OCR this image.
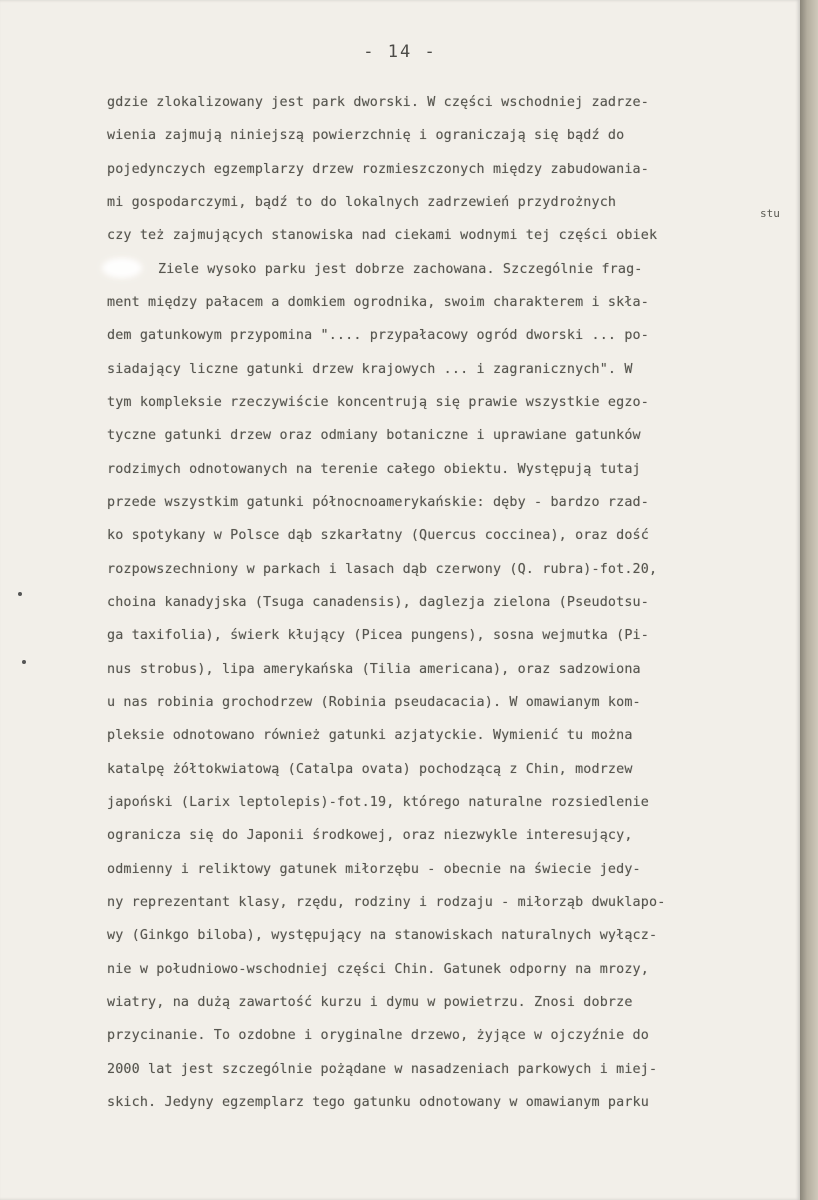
- 14 -
gdzie zlokalizowany jest park dworski. W części wschodniej zadrze-
wienia zajmują niniejszą powierzchnię i ograniczają się bądź do
pojedynczych egzemplarzy drzew rozmieszczonych między zabudowania-
mi gospodarczymi, bądź to do lokalnych zadrzewień przydrożnych
czy też zajmujących stanowiska nad ciekami wodnymi tej części obiek
Ziele wysoko parku jest dobrze zachowana. Szczególnie frag-
ment między pałacem a domkiem ogrodnika, swoim charakterem i skła-
dem gatunkowym przypomina ".... przypałacowy ogród dworski ... po-
siadający liczne gatunki drzew krajowych ... i zagranicznych". W
tym kompleksie rzeczywiście koncentrują się prawie wszystkie egzo-
tyczne gatunki drzew oraz odmiany botaniczne i uprawiane gatunków
rodzimych odnotowanych na terenie całego obiektu. Występują tutaj
przede wszystkim gatunki północnoamerykańskie: dęby - bardzo rzad-
ko spotykany w Polsce dąb szkarłatny (Quercus coccinea), oraz dość
rozpowszechniony w parkach i lasach dąb czerwony (Q. rubra)-fot.20,
choina kanadyjska (Tsuga canadensis), daglezja zielona (Pseudotsu-
ga taxifolia), świerk kłujący (Picea pungens), sosna wejmutka (Pi-
nus strobus), lipa amerykańska (Tilia americana), oraz sadzowiona
u nas robinia grochodrzew (Robinia pseudacacia). W omawianym kom-
pleksie odnotowano również gatunki azjatyckie. Wymienić tu można
katalpę żółtokwiatową (Catalpa ovata) pochodzącą z Chin, modrzew
japoński (Larix leptolepis)-fot.19, którego naturalne rozsiedlenie
ogranicza się do Japonii środkowej, oraz niezwykle interesujący,
odmienny i reliktowy gatunek miłorzębu - obecnie na świecie jedy-
ny reprezentant klasy, rzędu, rodziny i rodzaju - miłorząb dwuklapo-
wy (Ginkgo biloba), występujący na stanowiskach naturalnych wyłącz-
nie w południowo-wschodniej części Chin. Gatunek odporny na mrozy,
wiatry, na dużą zawartość kurzu i dymu w powietrzu. Znosi dobrze
przycinanie. To ozdobne i oryginalne drzewo, żyjące w ojczyźnie do
2000 lat jest szczególnie pożądane w nasadzeniach parkowych i miej-
skich. Jedyny egzemplarz tego gatunku odnotowany w omawianym parku
stu
